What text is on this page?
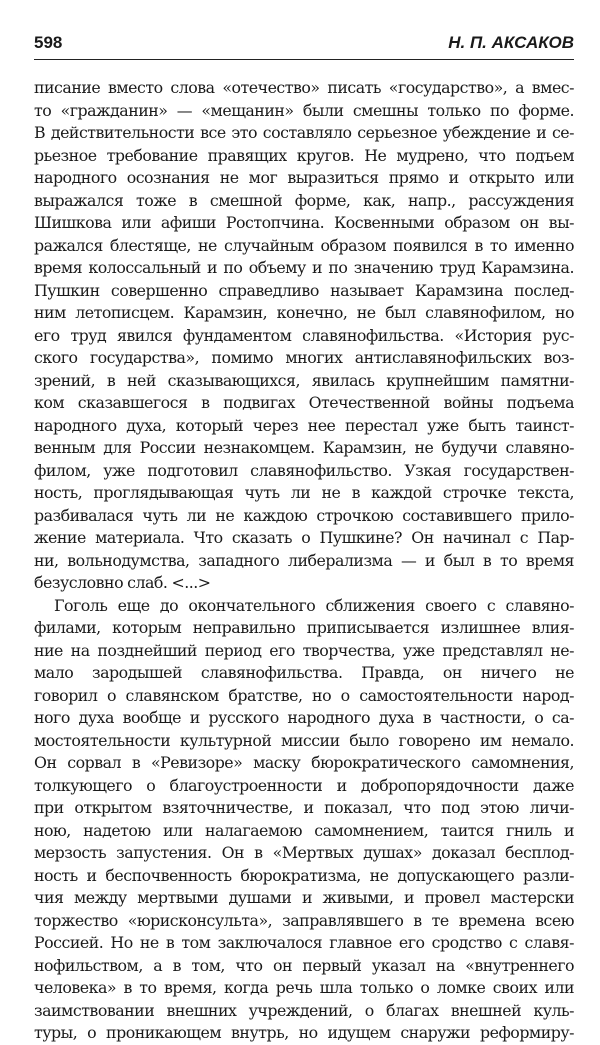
598	Н. П. АКСАКОВ
писание вместо слова «отечество» писать «государство», а вмес-
то «гражданин» — «мещанин» были смешны только по форме.
В действительности все это составляло серьезное убеждение и се-
рьезное требование правящих кругов. Не мудрено, что подъем
народного осознания не мог выразиться прямо и открыто или
выражался тоже в смешной форме, как, напр., рассуждения
Шишкова или афиши Ростопчина. Косвенными образом он вы-
ражался блестяще, не случайным образом появился в то именно
время колоссальный и по объему и по значению труд Карамзина.
Пушкин совершенно справедливо называет Карамзина послед-
ним летописцем. Карамзин, конечно, не был славянофилом, но
его труд явился фундаментом славянофильства. «История рус-
ского государства», помимо многих антиславянофильских воз-
зрений, в ней сказывающихся, явилась крупнейшим памятни-
ком сказавшегося в подвигах Отечественной войны подъема
народного духа, который через нее перестал уже быть таинст-
венным для России незнакомцем. Карамзин, не будучи славяно-
филом, уже подготовил славянофильство. Узкая государствен-
ность, проглядывающая чуть ли не в каждой строчке текста,
разбивалася чуть ли не каждою строчкою составившего прило-
жение материала. Что сказать о Пушкине? Он начинал с Пар-
ни, вольнодумства, западного либерализма — и был в то время
безусловно слаб. <...>
Гоголь еще до окончательного сближения своего с славяно-
филами, которым неправильно приписывается излишнее влия-
ние на позднейший период его творчества, уже представлял не-
мало зародышей славянофильства. Правда, он ничего не
говорил о славянском братстве, но о самостоятельности народ-
ного духа вообще и русского народного духа в частности, о са-
мостоятельности культурной миссии было говорено им немало.
Он сорвал в «Ревизоре» маску бюрократического самомнения,
толкующего о благоустроенности и добропорядочности даже
при открытом взяточничестве, и показал, что под этою личи-
ною, надетою или налагаемою самомнением, таится гниль и
мерзость запустения. Он в «Мертвых душах» доказал бесплод-
ность и беспочвенность бюрократизма, не допускающего разли-
чия между мертвыми душами и живыми, и провел мастерски
торжество «юрисконсульта», заправлявшего в те времена всею
Россией. Но не в том заключалося главное его сродство с славя-
нофильством, а в том, что он первый указал на «внутреннего
человека» в то время, когда речь шла только о ломке своих или
заимствовании внешних учреждений, о благах внешней куль-
туры, о проникающем внутрь, но идущем снаружи реформиру-
